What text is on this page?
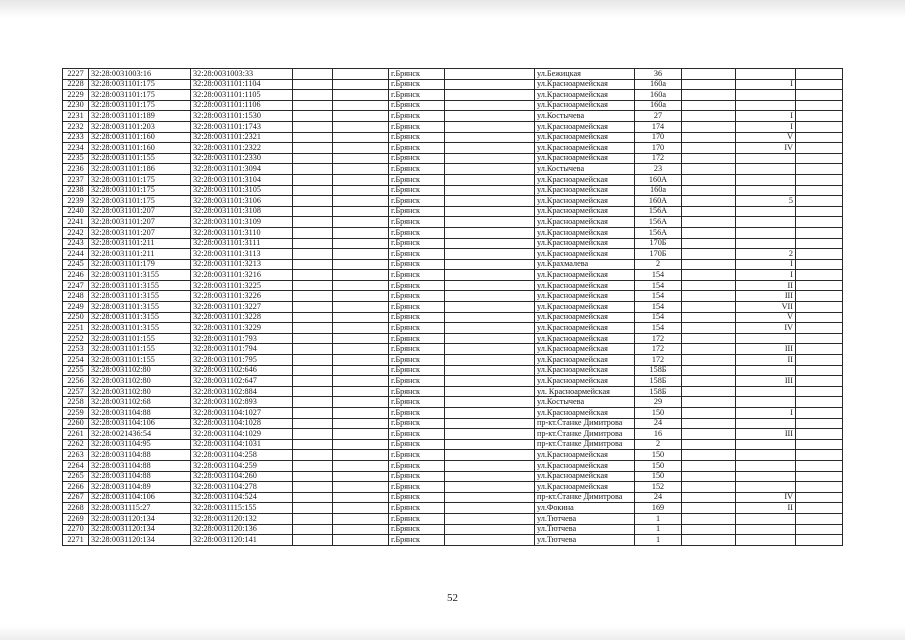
2227	32:28:0031003:16	32:28:0031003:33			г.Брянск		ул.Бежицкая	36			
2228	32:28:0031101:175	32:28:0031101:1104			г.Брянск		ул.Красноармейская	160а		I	
2229	32:28:0031101:175	32:28:0031101:1105			г.Брянск		ул.Красноармейская	160а			
2230	32:28:0031101:175	32:28:0031101:1106			г.Брянск		ул.Красноармейская	160а			
2231	32:28:0031101:189	32:28:0031101:1530			г.Брянск		ул.Костычева	27		I	
2232	32:28:0031101:203	32:28:0031101:1743			г.Брянск		ул.Красноармейская	174		I	
2233	32:28:0031101:160	32:28:0031101:2321			г.Брянск		ул.Красноармейская	170		V	
2234	32:28:0031101:160	32:28:0031101:2322			г.Брянск		ул.Красноармейская	170		IV	
2235	32:28:0031101:155	32:28:0031101:2330			г.Брянск		ул.Красноармейская	172			
2236	32:28:0031101:186	32:28:0031101:3094			г.Брянск		ул.Костычева	23			
2237	32:28:0031101:175	32:28:0031101:3104			г.Брянск		ул.Красноармейская	160А			
2238	32:28:0031101:175	32:28:0031101:3105			г.Брянск		ул.Красноармейская	160а			
2239	32:28:0031101:175	32:28:0031101:3106			г.Брянск		ул.Красноармейская	160А		5	
2240	32:28:0031101:207	32:28:0031101:3108			г.Брянск		ул.Красноармейская	156А			
2241	32:28:0031101:207	32:28:0031101:3109			г.Брянск		ул.Красноармейская	156А			
2242	32:28:0031101:207	32:28:0031101:3110			г.Брянск		ул.Красноармейская	156А			
2243	32:28:0031101:211	32:28:0031101:3111			г.Брянск		ул.Красноармейская	170Б			
2244	32:28:0031101:211	32:28:0031101:3113			г.Брянск		ул.Красноармейская	170Б		2	
2245	32:28:0031101:179	32:28:0031101:3213			г.Брянск		ул.Крахмалева	2		I	
2246	32:28:0031101:3155	32:28:0031101:3216			г.Брянск		ул.Красноармейская	154		I	
2247	32:28:0031101:3155	32:28:0031101:3225			г.Брянск		ул.Красноармейская	154		II	
2248	32:28:0031101:3155	32:28:0031101:3226			г.Брянск		ул.Красноармейская	154		III	
2249	32:28:0031101:3155	32:28:0031101:3227			г.Брянск		ул.Красноармейская	154		VII	
2250	32:28:0031101:3155	32:28:0031101:3228			г.Брянск		ул.Красноармейская	154		V	
2251	32:28:0031101:3155	32:28:0031101:3229			г.Брянск		ул.Красноармейская	154		IV	
2252	32:28:0031101:155	32:28:0031101:793			г.Брянск		ул.Красноармейская	172			
2253	32:28:0031101:155	32:28:0031101:794			г.Брянск		ул.Красноармейская	172		III	
2254	32:28:0031101:155	32:28:0031101:795			г.Брянск		ул.Красноармейская	172		II	
2255	32:28:0031102:80	32:28:0031102:646			г.Брянск		ул.Красноармейская	158Б			
2256	32:28:0031102:80	32:28:0031102:647			г.Брянск		ул.Красноармейская	158Б		III	
2257	32:28:0031102:80	32:28:0031102:884			г.Брянск		ул. Красноармейская	158Б			
2258	32:28:0031102:68	32:28:0031102:893			г.Брянск		ул.Костычева	29			
2259	32:28:0031104:88	32:28:0031104:1027			г.Брянск		ул.Красноармейская	150		I	
2260	32:28:0031104:106	32:28:0031104:1028			г.Брянск		пр-кт.Станке Димитрова	24			
2261	32:28:0021436:54	32:28:0031104:1029			г.Брянск		пр-кт.Станке Димитрова	16		III	
2262	32:28:0031104:95	32:28:0031104:1031			г.Брянск		пр-кт.Станке Димитрова	2			
2263	32:28:0031104:88	32:28:0031104:258			г.Брянск		ул.Красноармейская	150			
2264	32:28:0031104:88	32:28:0031104:259			г.Брянск		ул.Красноармейская	150			
2265	32:28:0031104:88	32:28:0031104:260			г.Брянск		ул.Красноармейская	150			
2266	32:28:0031104:89	32:28:0031104:278			г.Брянск		ул.Красноармейская	152			
2267	32:28:0031104:106	32:28:0031104:524			г.Брянск		пр-кт.Станке Димитрова	24		IV	
2268	32:28:0031115:27	32:28:0031115:155			г.Брянск		ул.Фокина	169		II	
2269	32:28:0031120:134	32:28:0031120:132			г.Брянск		ул.Тютчева	1			
2270	32:28:0031120:134	32:28:0031120:136			г.Брянск		ул.Тютчева	1			
2271	32:28:0031120:134	32:28:0031120:141			г.Брянск		ул.Тютчева	1			
52
